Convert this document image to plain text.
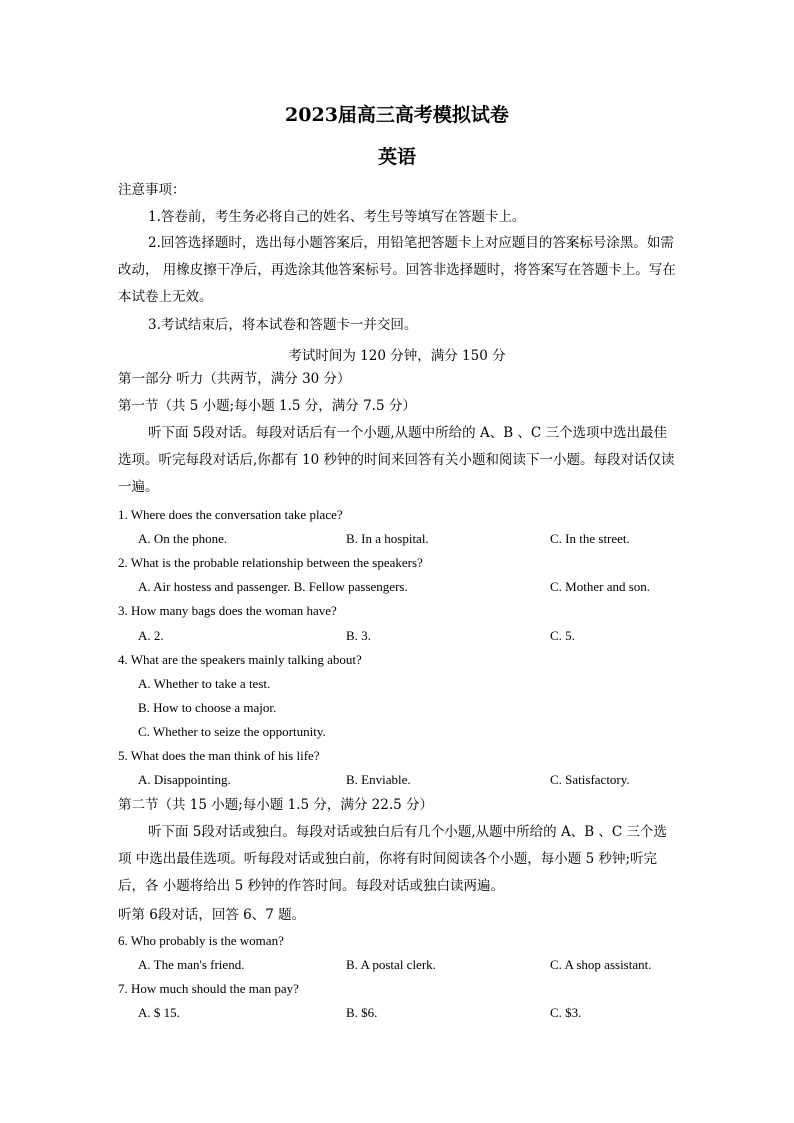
2023届高三高考模拟试卷
英语
注意事项：
1.答卷前，考生务必将自己的姓名、考生号等填写在答题卡上。
2.回答选择题时，选出每小题答案后，用铅笔把答题卡上对应题目的答案标号涂黑。如需改动， 用橡皮擦干净后，再选涂其他答案标号。回答非选择题时，将答案写在答题卡上。写在本试卷上无效。
3.考试结束后，将本试卷和答题卡一并交回。
考试时间为 120 分钟，满分 150 分
第一部分 听力（共两节，满分 30 分）
第一节（共 5 小题;每小题 1.5 分，满分 7.5 分）
听下面 5段对话。每段对话后有一个小题,从题中所给的 A、B 、C 三个选项中选出最佳选项。听完每段对话后,你都有 10 秒钟的时间来回答有关小题和阅读下一小题。每段对话仅读 一遍。
1. Where does the conversation take place?
A. On the phone.	B. In a hospital.	C. In the street.
2. What is the probable relationship between the speakers?
A. Air hostess and passenger. B. Fellow passengers.	C. Mother and son.
3. How many bags does the woman have?
A. 2.	B. 3.	C. 5.
4. What are the speakers mainly talking about?
A. Whether to take a test.
B. How to choose a major.
C. Whether to seize the opportunity.
5. What does the man think of his life?
A. Disappointing.	B. Enviable.	C. Satisfactory.
第二节（共 15 小题;每小题 1.5 分，满分 22.5 分）
听下面 5段对话或独白。每段对话或独白后有几个小题,从题中所给的 A、B 、C 三个选项 中选出最佳选项。听每段对话或独白前，你将有时间阅读各个小题，每小题 5 秒钟;听完后，各 小题将给出 5 秒钟的作答时间。每段对话或独白读两遍。
听第 6段对话，回答 6、7 题。
6. Who probably is the woman?
A. The man's friend.	B. A postal clerk.	C. A shop assistant.
7. How much should the man pay?
A. $ 15.	B. $6.	C. $3.
